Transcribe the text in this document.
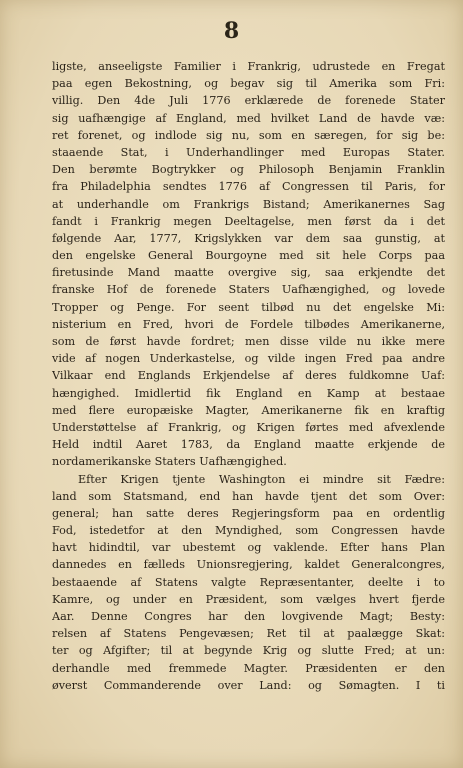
8
ligste, anseeligste Familier i Frankrig, udrustede en Fregat
paa egen Bekostning, og begav sig til Amerika som Fri:
villig. Den 4de Juli 1776 erklærede de forenede Stater
sig uafhængige af England, med hvilket Land de havde væ:
ret forenet, og indlode sig nu, som en særegen, for sig be:
staaende Stat, i Underhandlinger med Europas Stater.
Den berømte Bogtrykker og Philosoph Benjamin Franklin
fra Philadelphia sendtes 1776 af Congressen til Paris, for
at underhandle om Frankrigs Bistand; Amerikanernes Sag
fandt i Frankrig megen Deeltagelse, men først da i det
følgende Aar, 1777, Krigslykken var dem saa gunstig, at
den engelske General Bourgoyne med sit hele Corps paa
firetusinde Mand maatte overgive sig, saa erkjendte det
franske Hof de forenede Staters Uafhængighed, og lovede
Tropper og Penge. For seent tilbød nu det engelske Mi:
nisterium en Fred, hvori de Fordele tilbødes Amerikanerne,
som de først havde fordret; men disse vilde nu ikke mere
vide af nogen Underkastelse, og vilde ingen Fred paa andre
Vilkaar end Englands Erkjendelse af deres fuldkomne Uaf:
hængighed. Imidlertid fik England en Kamp at bestaae
med flere europæiske Magter, Amerikanerne fik en kraftig
Understøttelse af Frankrig, og Krigen førtes med afvexlende
Held indtil Aaret 1783, da England maatte erkjende de
nordamerikanske Staters Uafhængighed.
Efter Krigen tjente Washington ei mindre sit Fædre:
land som Statsmand, end han havde tjent det som Over:
general; han satte deres Regjeringsform paa en ordentlig
Fod, istedetfor at den Myndighed, som Congressen havde
havt hidindtil, var ubestemt og vaklende. Efter hans Plan
dannedes en fælleds Unionsregjering, kaldet Generalcongres,
bestaaende af Statens valgte Repræsentanter, deelte i to
Kamre, og under en Præsident, som vælges hvert fjerde
Aar. Denne Congres har den lovgivende Magt; Besty:
relsen af Statens Pengevæsen; Ret til at paalægge Skat:
ter og Afgifter; til at begynde Krig og slutte Fred; at un:
derhandle med fremmede Magter. Præsidenten er den
øverst Commanderende over Land: og Sømagten. I ti
